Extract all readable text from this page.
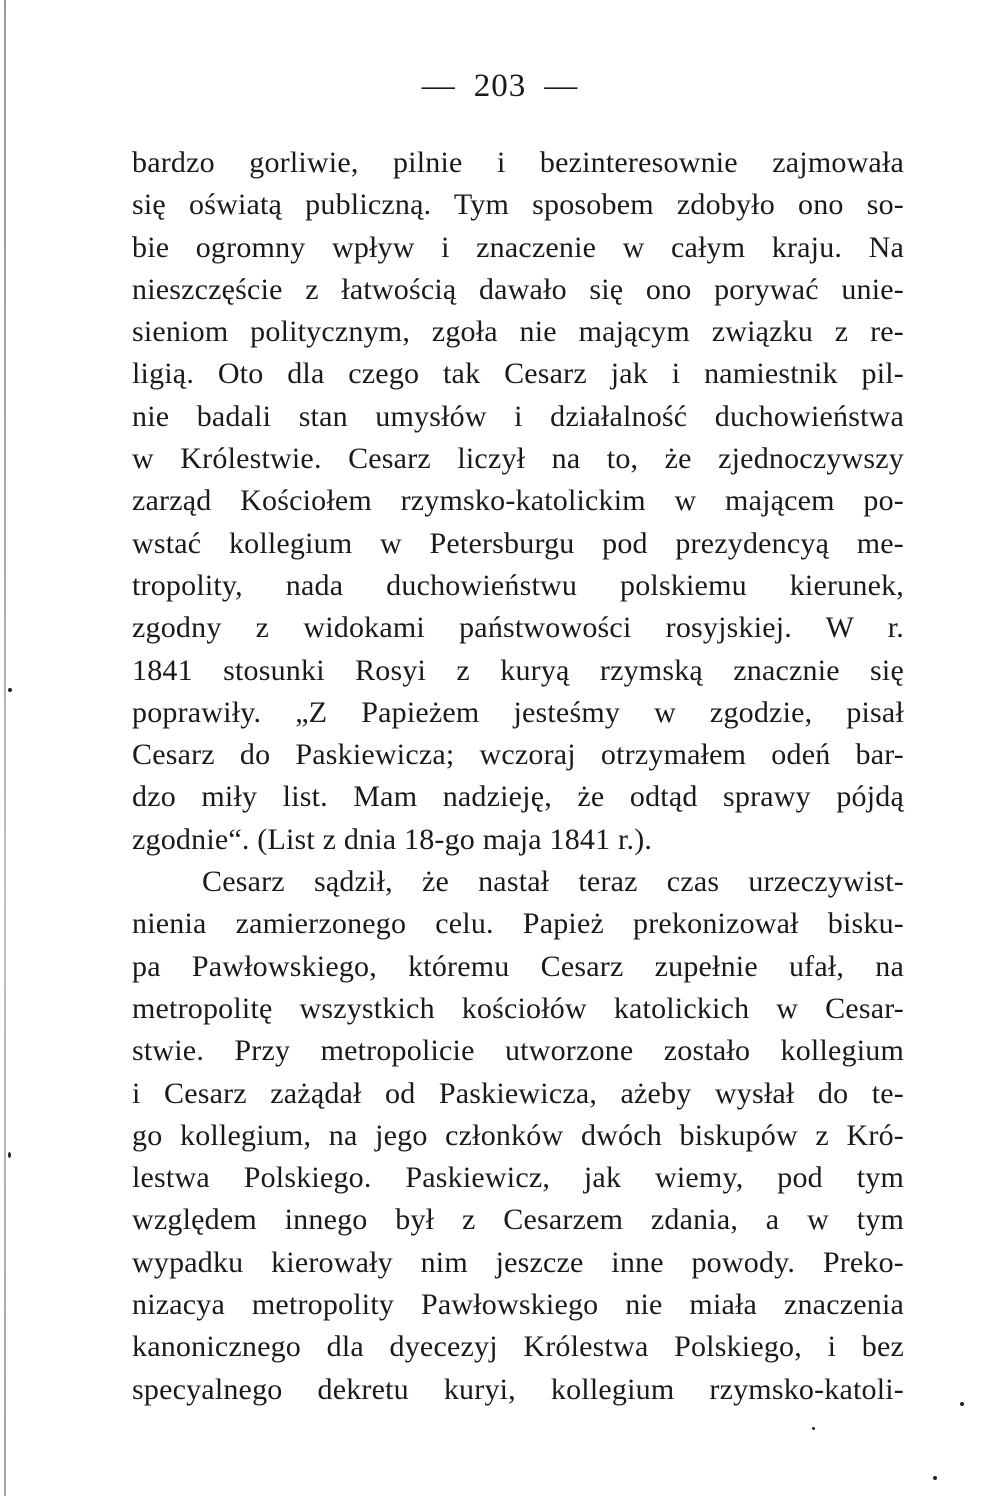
— 203 —
bardzo gorliwie, pilnie i bezinteresownie zajmowała
się oświatą publiczną. Tym sposobem zdobyło ono so-
bie ogromny wpływ i znaczenie w całym kraju. Na
nieszczęście z łatwością dawało się ono porywać unie-
sieniom politycznym, zgoła nie mającym związku z re-
ligią. Oto dla czego tak Cesarz jak i namiestnik pil-
nie badali stan umysłów i działalność duchowieństwa
w Królestwie. Cesarz liczył na to, że zjednoczywszy
zarząd Kościołem rzymsko-katolickim w mającem po-
wstać kollegium w Petersburgu pod prezydencyą me-
tropolity, nada duchowieństwu polskiemu kierunek,
zgodny z widokami państwowości rosyjskiej. W r.
1841 stosunki Rosyi z kuryą rzymską znacznie się
poprawiły. „Z Papieżem jesteśmy w zgodzie, pisał
Cesarz do Paskiewicza; wczoraj otrzymałem odeń bar-
dzo miły list. Mam nadzieję, że odtąd sprawy pójdą
zgodnie“. (List z dnia 18-go maja 1841 r.).
Cesarz sądził, że nastał teraz czas urzeczywist-
nienia zamierzonego celu. Papież prekonizował bisku-
pa Pawłowskiego, któremu Cesarz zupełnie ufał, na
metropolitę wszystkich kościołów katolickich w Cesar-
stwie. Przy metropolicie utworzone zostało kollegium
i Cesarz zażądał od Paskiewicza, ażeby wysłał do te-
go kollegium, na jego członków dwóch biskupów z Kró-
lestwa Polskiego. Paskiewicz, jak wiemy, pod tym
względem innego był z Cesarzem zdania, a w tym
wypadku kierowały nim jeszcze inne powody. Preko-
nizacya metropolity Pawłowskiego nie miała znaczenia
kanonicznego dla dyecezyj Królestwa Polskiego, i bez
specyalnego dekretu kuryi, kollegium rzymsko-katoli-
